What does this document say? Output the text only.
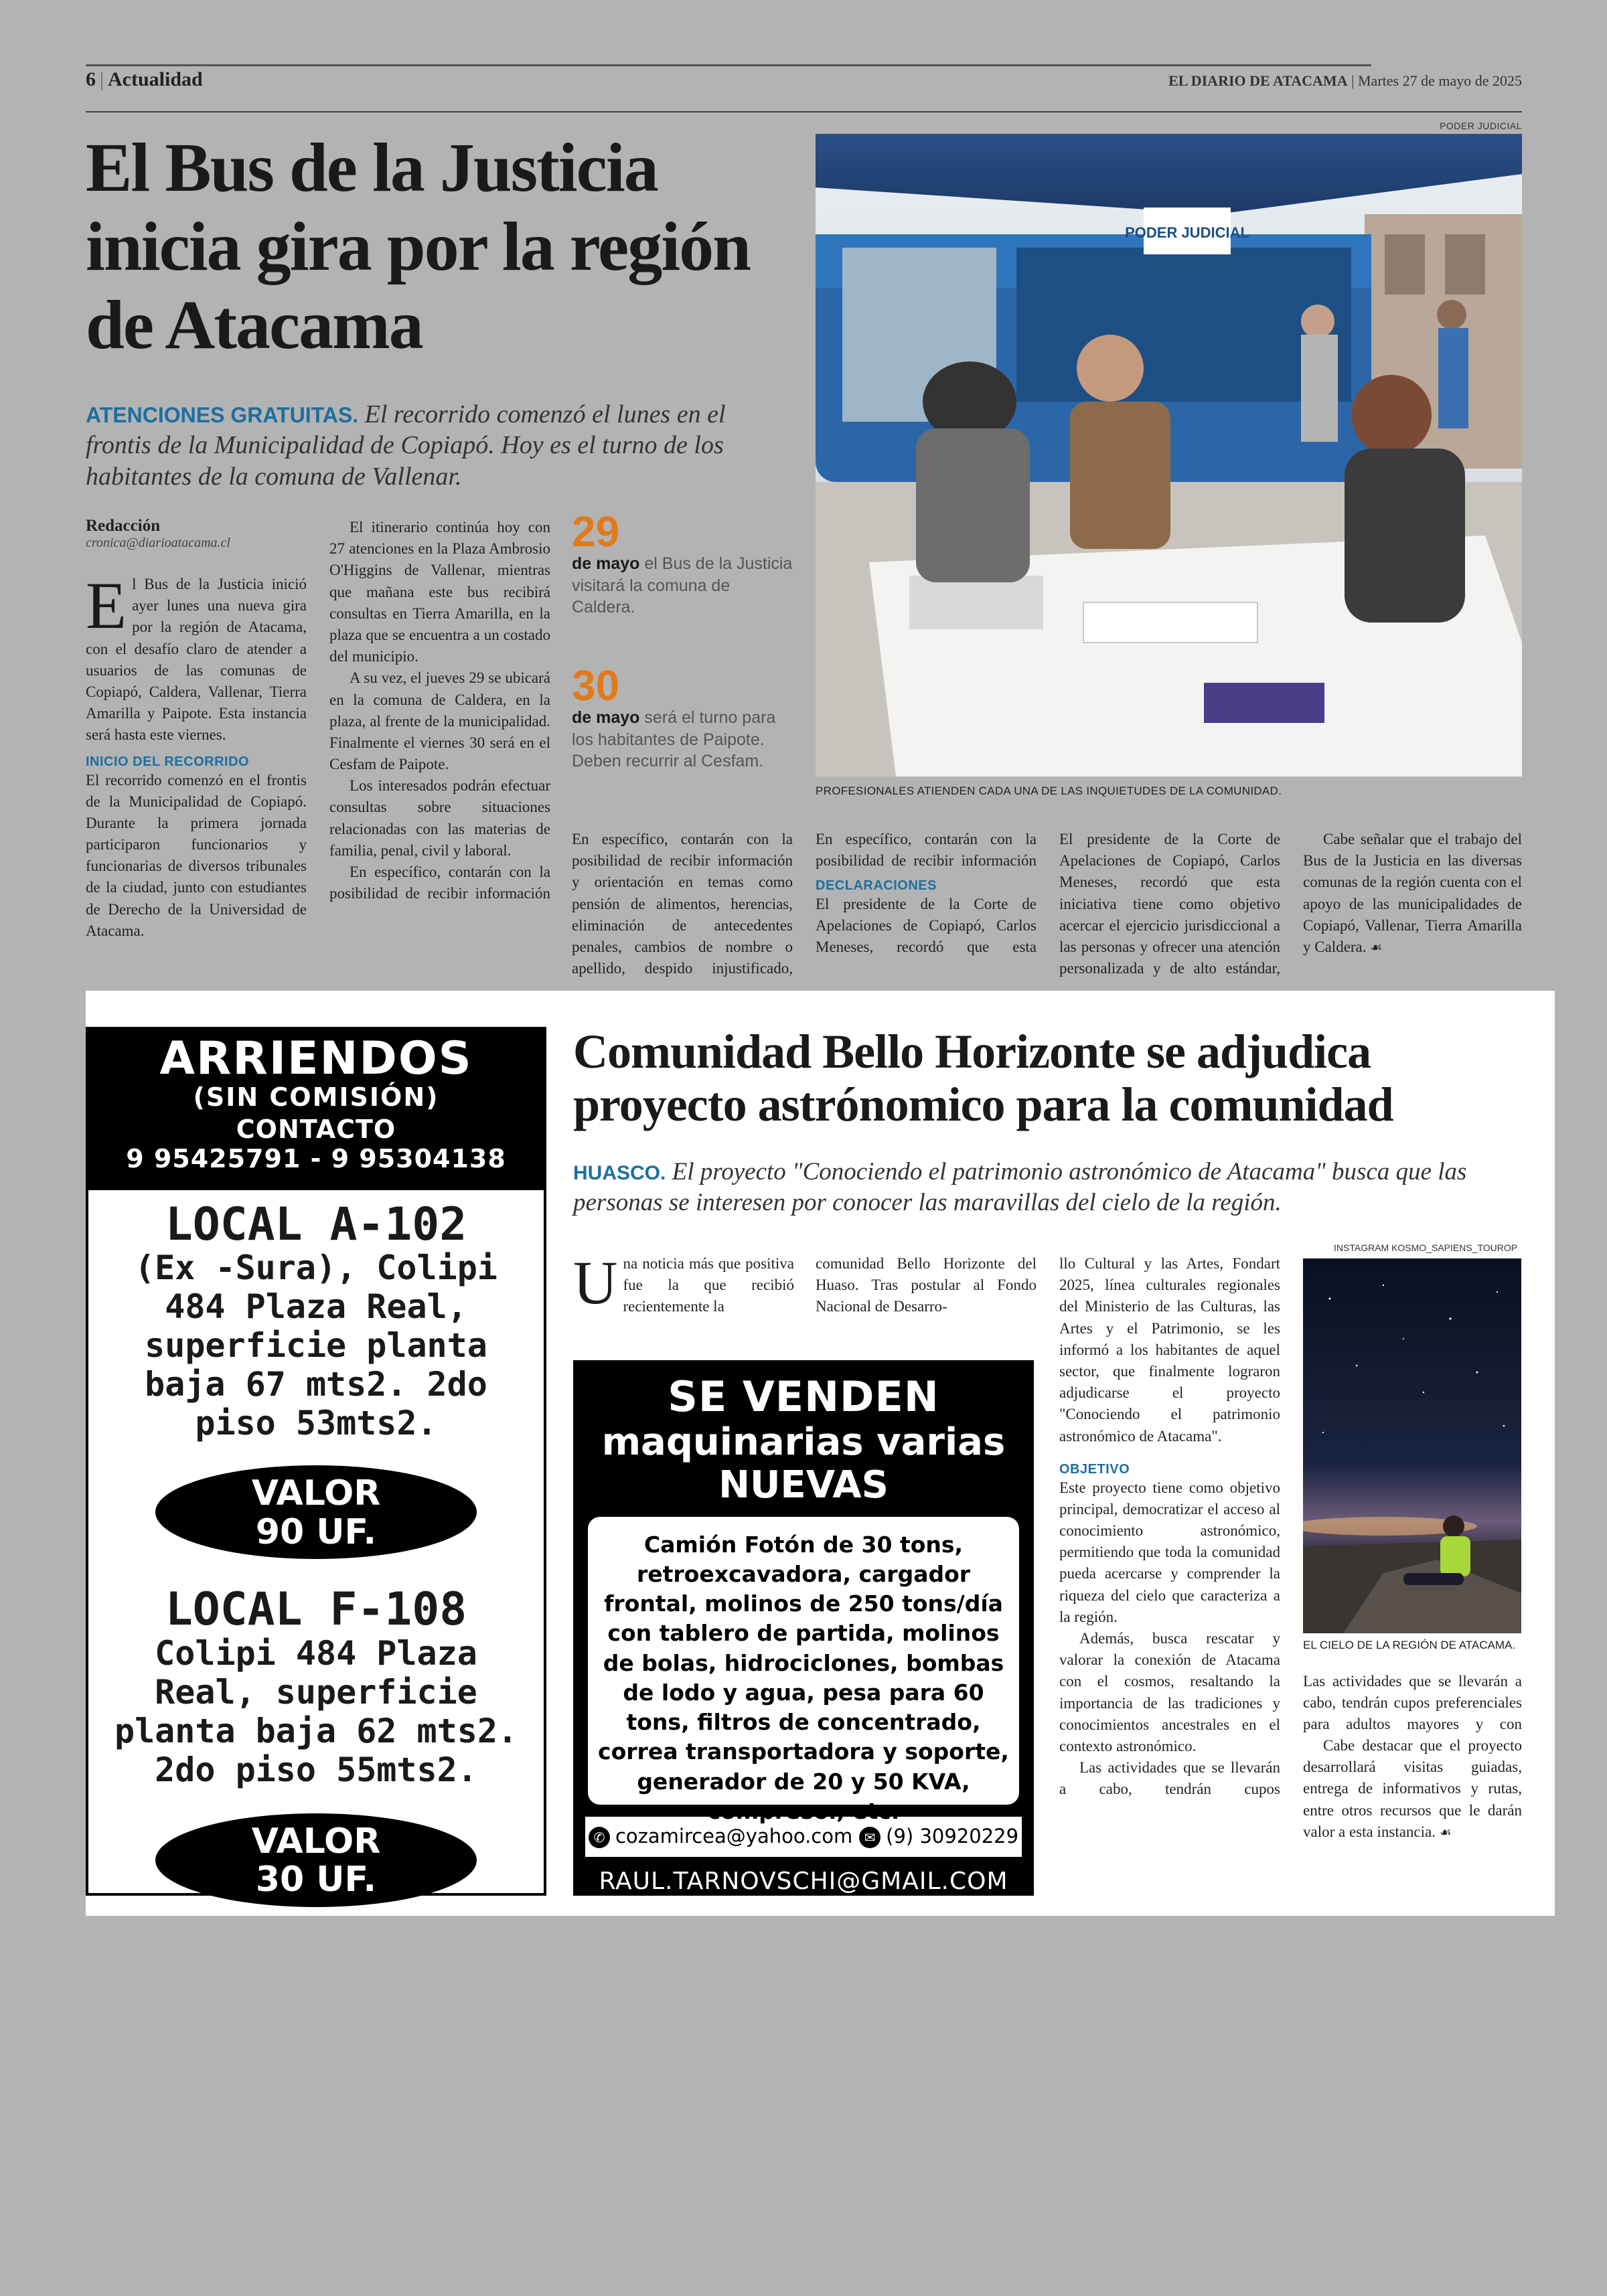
6 | Actualidad	EL DIARIO DE ATACAMA | Martes 27 de mayo de 2025
El Bus de la Justicia inicia gira por la región de Atacama
ATENCIONES GRATUITAS. El recorrido comenzó el lunes en el frontis de la Municipalidad de Copiapó. Hoy es el turno de los habitantes de la comuna de Vallenar.
Redacción
cronica@diarioatacama.cl

El Bus de la Justicia inició ayer lunes una nueva gira por la región de Atacama, con el desafío claro de atender a usuarios de las comunas de Copiapó, Caldera, Vallenar, Tierra Amarilla y Paipote. Esta instancia será hasta este viernes.

INICIO DEL RECORRIDO

El recorrido comenzó en el frontis de la Municipalidad de Copiapó. Durante la primera jornada participaron funcionarios y funcionarias de diversos tribunales de la ciudad, junto con estudiantes de Derecho de la Universidad de Atacama.

El itinerario continúa hoy con 27 atenciones en la Plaza Ambrosio O'Higgins de Vallenar, mientras que mañana este bus recibirá consultas en Tierra Amarilla, en la plaza que se encuentra a un costado del municipio.

A su vez, el jueves 29 se ubicará en la comuna de Caldera, en la plaza, al frente de la municipalidad. Finalmente el viernes 30 será en el Cesfam de Paipote.

Los interesados podrán efectuar consultas sobre situaciones relacionadas con las materias de familia, penal, civil y laboral.

En específico, contarán con la posibilidad de recibir información

29
de mayo el Bus de la Justicia visitará la comuna de Caldera.
30
de mayo será el turno para los habitantes de Paipote. Deben recurrir al Cesfam.
PODER JUDICIAL
PODER JUDICIAL
PROFESIONALES ATIENDEN CADA UNA DE LAS INQUIETUDES DE LA COMUNIDAD.

En específico, contarán con la posibilidad de recibir información y orientación en temas como pensión de alimentos, herencias, eliminación de antecedentes penales, cambios de nombre o apellido, despido injustificado,

En específico, contarán con la posibilidad de recibir información

DECLARACIONES

El presidente de la Corte de Apelaciones de Copiapó, Carlos Meneses, recordó que esta

El presidente de la Corte de Apelaciones de Copiapó, Carlos Meneses, recordó que esta iniciativa tiene como objetivo acercar el ejercicio jurisdiccional a las personas y ofrecer una atención personalizada y de alto estándar,

Cabe señalar que el trabajo del Bus de la Justicia en las diversas comunas de la región cuenta con el apoyo de las municipalidades de Copiapó, Vallenar, Tierra Amarilla y Caldera. ☙

ARRIENDOS
(SIN COMISIÓN)
CONTACTO
9 95425791 - 9 95304138
LOCAL A-102
(Ex -Sura), Colipi 484 Plaza Real, superficie planta baja 67 mts2. 2do piso 53mts2.
VALOR
90 UF.
LOCAL F-108
Colipi 484 Plaza Real, superficie planta baja 62 mts2. 2do piso 55mts2.
VALOR
30 UF.
Comunidad Bello Horizonte se adjudica proyecto astrónomico para la comunidad
HUASCO. El proyecto "Conociendo el patrimonio astronómico de Atacama" busca que las personas se interesen por conocer las maravillas del cielo de la región.

Una noticia más que positiva fue la que recibió recientemente la

comunidad Bello Horizonte del Huaso. Tras postular al Fondo Nacional de Desarro-

SE VENDEN
maquinarias varias
NUEVAS
Camión Fotón de 30 tons, retroexcavadora, cargador frontal, molinos de 250 tons/día con tablero de partida, molinos de bolas, hidrociclones, bombas de lodo y agua, pesa para 60 tons, filtros de concentrado, correa transportadora y soporte, generador de 20 y 50 KVA, compresor, etc.
✆ cozamircea@yahoo.com ✉ (9) 30920229
RAUL.TARNOVSCHI@GMAIL.COM

llo Cultural y las Artes, Fondart 2025, línea culturales regionales del Ministerio de las Culturas, las Artes y el Patrimonio, se les informó a los habitantes de aquel sector, que finalmente lograron adjudicarse el proyecto "Conociendo el patrimonio astronómico de Atacama".

OBJETIVO

Este proyecto tiene como objetivo principal, democratizar el acceso al conocimiento astronómico, permitiendo que toda la comunidad pueda acercarse y comprender la riqueza del cielo que caracteriza a la región.

Además, busca rescatar y valorar la conexión de Atacama con el cosmos, resaltando la importancia de las tradiciones y conocimientos ancestrales en el contexto astronómico.

Las actividades que se llevarán a cabo, tendrán cupos

INSTAGRAM KOSMO_SAPIENS_TOUROP
EL CIELO DE LA REGIÓN DE ATACAMA.

Las actividades que se llevarán a cabo, tendrán cupos preferenciales para adultos mayores y con

Cabe destacar que el proyecto desarrollará visitas guiadas, entrega de informativos y rutas, entre otros recursos que le darán valor a esta instancia. ☙
